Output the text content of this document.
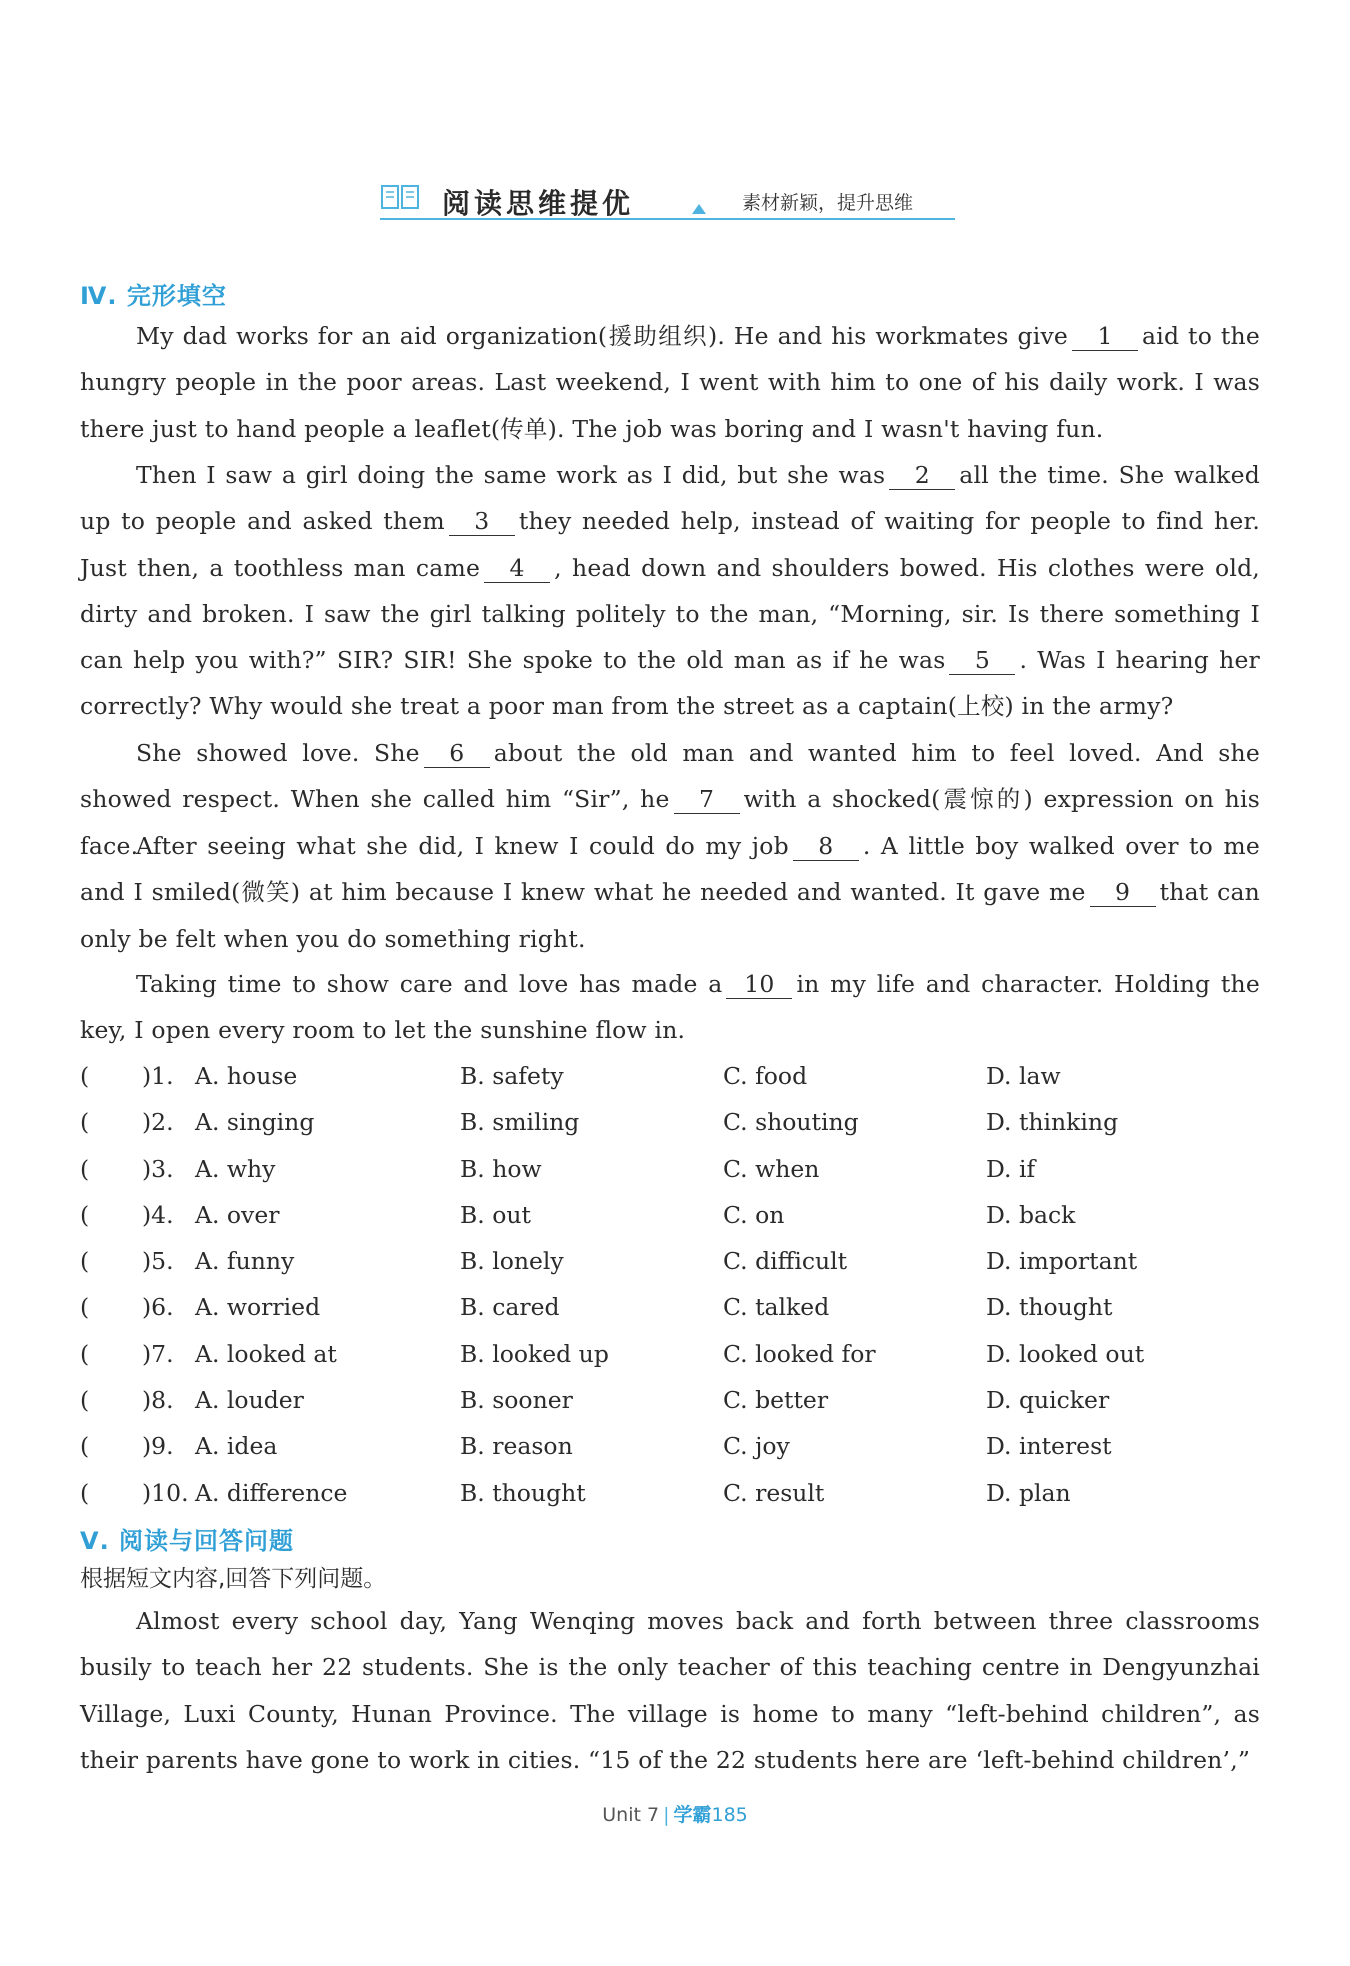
阅读思维提优	素材新颖，提升思维
Ⅳ. 完形填空

My dad works for an aid organization(援助组织). He and his workmates give 1 aid to the hungry people in the poor areas. Last weekend, I went with him to one of his daily work. I was there just to hand people a leaflet(传单). The job was boring and I wasn't having fun.

Then I saw a girl doing the same work as I did, but she was 2 all the time. She walked up to people and asked them 3 they needed help, instead of waiting for people to find her. Just then, a toothless man came 4 , head down and shoulders bowed. His clothes were old, dirty and broken. I saw the girl talking politely to the man, “Morning, sir. Is there something I can help you with?” SIR? SIR! She spoke to the old man as if he was 5 . Was I hearing her correctly? Why would she treat a poor man from the street as a captain(上校) in the army?

She showed love. She 6 about the old man and wanted him to feel loved. And she showed respect. When she called him “Sir”, he 7 with a shocked(震惊的) expression on his face.

After seeing what she did, I knew I could do my job 8 . A little boy walked over to me and I smiled(微笑) at him because I knew what he needed and wanted. It gave me 9 that can only be felt when you do something right.

Taking time to show care and love has made a 10 in my life and character. Holding the key, I open every room to let the sunshine flow in.

( )1. A. house	B. safety	C. food	D. law
( )2. A. singing	B. smiling	C. shouting	D. thinking
( )3. A. why	B. how	C. when	D. if
( )4. A. over	B. out	C. on	D. back
( )5. A. funny	B. lonely	C. difficult	D. important
( )6. A. worried	B. cared	C. talked	D. thought
( )7. A. looked at	B. looked up	C. looked for	D. looked out
( )8. A. louder	B. sooner	C. better	D. quicker
( )9. A. idea	B. reason	C. joy	D. interest
( )10. A. difference	B. thought	C. result	D. plan
Ⅴ. 阅读与回答问题
根据短文内容,回答下列问题。

Almost every school day, Yang Wenqing moves back and forth between three classrooms busily to teach her 22 students. She is the only teacher of this teaching centre in Dengyunzhai Village, Luxi County, Hunan Province. The village is home to many “left-behind children”, as their parents have gone to work in cities. “15 of the 22 students here are ‘left-behind children’,”

Unit 7 | 学霸185
